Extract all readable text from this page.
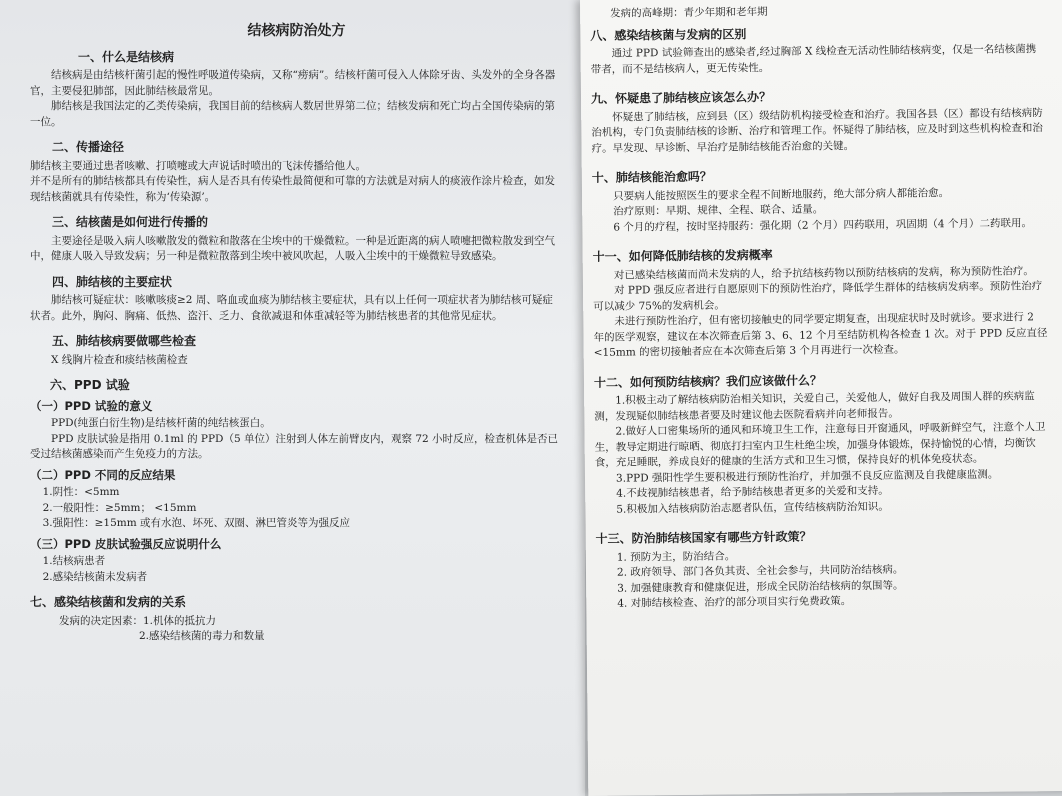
结核病防治处方
一、什么是结核病

结核病是由结核杆菌引起的慢性呼吸道传染病，又称“痨病”。结核杆菌可侵入人体除牙齿、头发外的全身各器官，主要侵犯肺部，因此肺结核最常见。

肺结核是我国法定的乙类传染病，我国目前的结核病人数居世界第二位；结核发病和死亡均占全国传染病的第一位。

二、传播途径

肺结核主要通过患者咳嗽、打喷嚏或大声说话时喷出的飞沫传播给他人。

并不是所有的肺结核都具有传染性，病人是否具有传染性最简便和可靠的方法就是对病人的痰液作涂片检查，如发现结核菌就具有传染性，称为‘传染源’。

三、结核菌是如何进行传播的

主要途径是吸入病人咳嗽散发的微粒和散落在尘埃中的干燥微粒。一种是近距离的病人喷嚏把微粒散发到空气中，健康人吸入导致发病；另一种是微粒散落到尘埃中被风吹起，人吸入尘埃中的干燥微粒导致感染。

四、肺结核的主要症状

肺结核可疑症状：咳嗽咳痰≥2 周、咯血或血痰为肺结核主要症状，具有以上任何一项症状者为肺结核可疑症状者。此外，胸闷、胸痛、低热、盗汗、乏力、食欲减退和体重减轻等为肺结核患者的其他常见症状。

五、肺结核病要做哪些检查

X 线胸片检查和痰结核菌检查

六、PPD 试验
（一）PPD 试验的意义

PPD(纯蛋白衍生物)是结核杆菌的纯结核蛋白。

PPD 皮肤试验是指用 0.1ml 的 PPD（5 单位）注射到人体左前臂皮内，观察 72 小时反应，检查机体是否已受过结核菌感染而产生免疫力的方法。

（二）PPD 不同的反应结果

1.阴性：<5mm

2.一般阳性：≥5mm； <15mm

3.强阳性：≥15mm 或有水泡、坏死、双圈、淋巴管炎等为强反应

（三）PPD 皮肤试验强反应说明什么

1.结核病患者

2.感染结核菌未发病者

七、感染结核菌和发病的关系

发病的决定因素：1.机体的抵抗力

2.感染结核菌的毒力和数量

发病的高峰期：青少年期和老年期

八、感染结核菌与发病的区别

通过 PPD 试验筛查出的感染者,经过胸部 X 线检查无活动性肺结核病变，仅是一名结核菌携带者，而不是结核病人，更无传染性。

九、怀疑患了肺结核应该怎么办？

怀疑患了肺结核，应到县（区）级结防机构接受检查和治疗。我国各县（区）都设有结核病防治机构，专门负责肺结核的诊断、治疗和管理工作。怀疑得了肺结核，应及时到这些机构检查和治疗。早发现、早诊断、早治疗是肺结核能否治愈的关键。

十、肺结核能治愈吗？

只要病人能按照医生的要求全程不间断地服药，绝大部分病人都能治愈。

治疗原则：早期、规律、全程、联合、适量。

6 个月的疗程，按时坚持服药：强化期（2 个月）四药联用，巩固期（4 个月）二药联用。

十一、如何降低肺结核的发病概率

对已感染结核菌而尚未发病的人，给予抗结核药物以预防结核病的发病，称为预防性治疗。

对 PPD 强反应者进行自愿原则下的预防性治疗，降低学生群体的结核病发病率。预防性治疗可以减少 75%的发病机会。

未进行预防性治疗，但有密切接触史的同学要定期复查，出现症状时及时就诊。要求进行 2 年的医学观察，建议在本次筛查后第 3、6、12 个月至结防机构各检查 1 次。对于 PPD 反应直径<15mm 的密切接触者应在本次筛查后第 3 个月再进行一次检查。

十二、如何预防结核病？我们应该做什么？

1.积极主动了解结核病防治相关知识，关爱自己，关爱他人，做好自我及周围人群的疾病监测，发现疑似肺结核患者要及时建议他去医院看病并向老师报告。

2.做好人口密集场所的通风和环境卫生工作，注意每日开窗通风，呼吸新鲜空气，注意个人卫生，教导定期进行晾晒、彻底打扫室内卫生杜绝尘埃，加强身体锻炼，保持愉悦的心情，均衡饮食，充足睡眠，养成良好的健康的生活方式和卫生习惯，保持良好的机体免疫状态。

3.PPD 强阳性学生要积极进行预防性治疗，并加强不良反应监测及自我健康监测。

4.不歧视肺结核患者，给予肺结核患者更多的关爱和支持。

5.积极加入结核病防治志愿者队伍，宣传结核病防治知识。

十三、防治肺结核国家有哪些方针政策？

1. 预防为主，防治结合。

2. 政府领导、部门各负其责、全社会参与，共同防治结核病。

3. 加强健康教育和健康促进，形成全民防治结核病的氛围等。

4. 对肺结核检查、治疗的部分项目实行免费政策。
